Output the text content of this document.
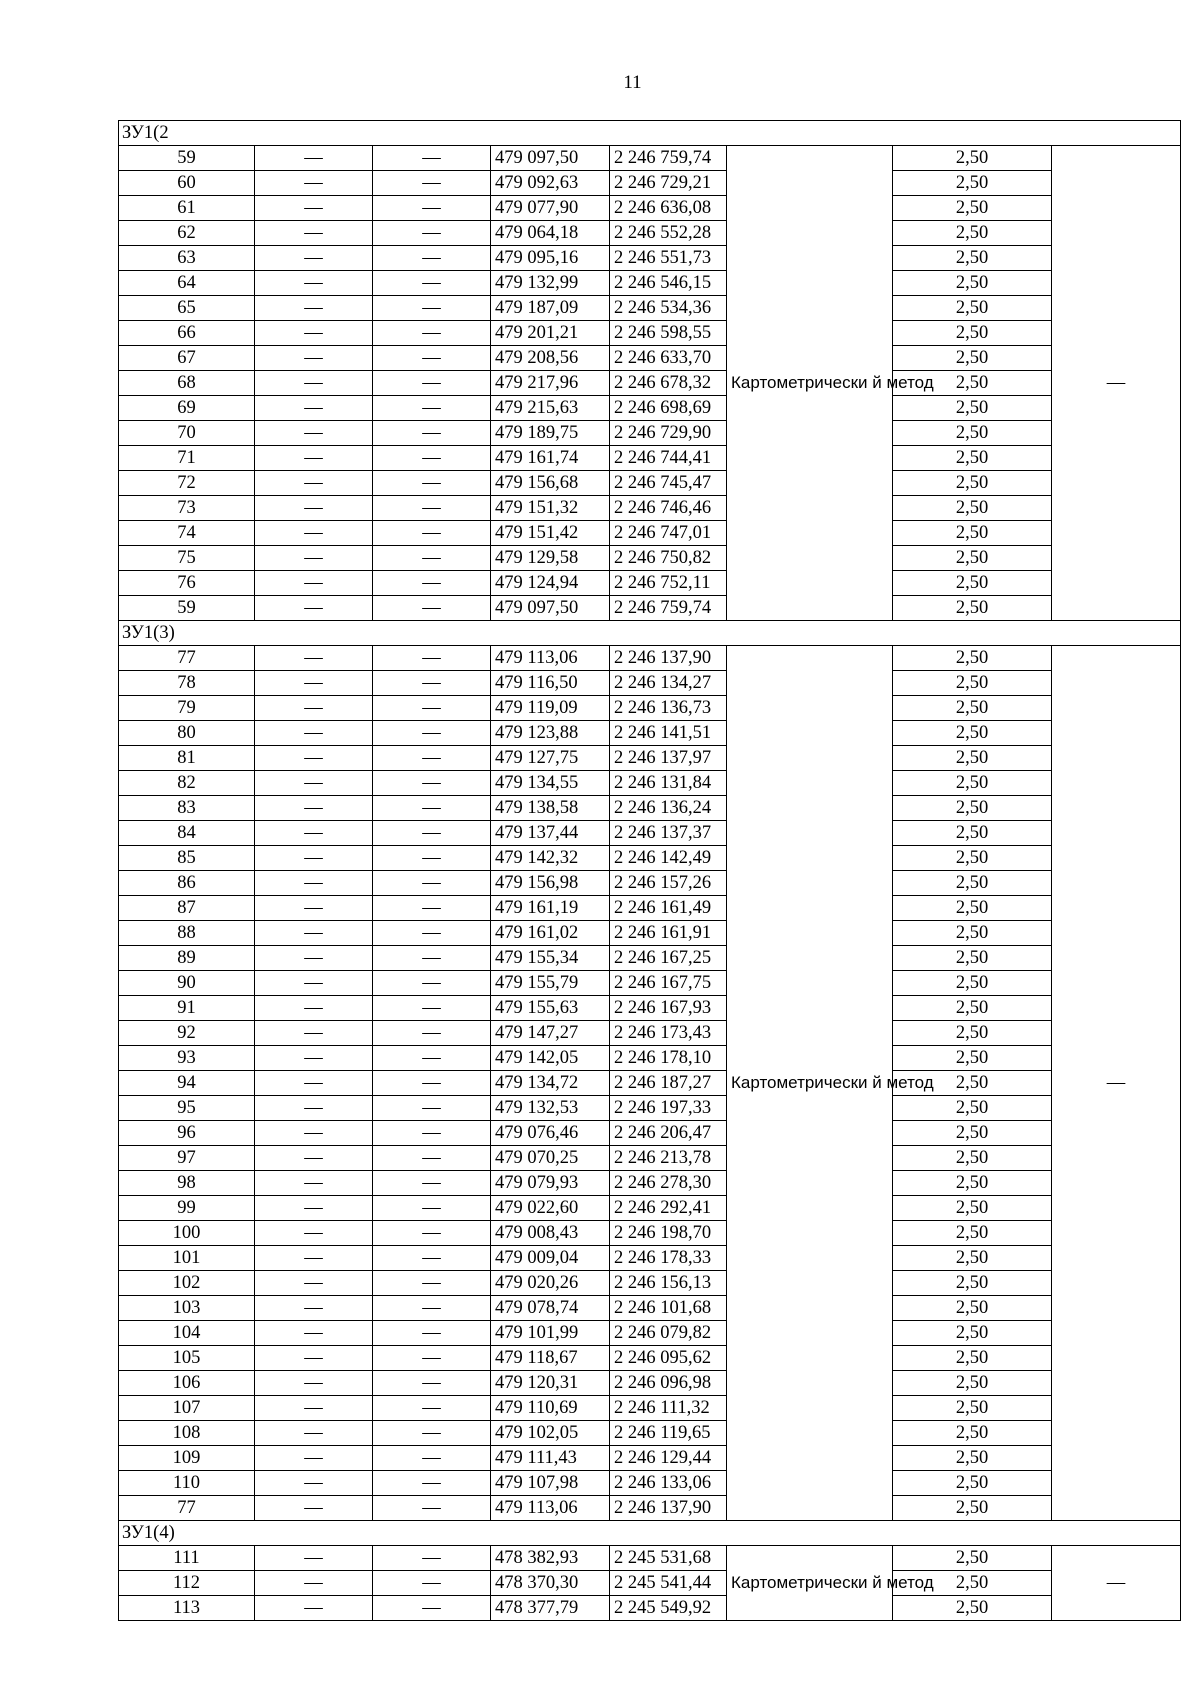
11
ЗУ1(2							
59	—	—	479 097,50	2 246 759,74	Картометрически й метод	2,50	—
60	—	—	479 092,63	2 246 729,21		2,50	
61	—	—	479 077,90	2 246 636,08		2,50	
62	—	—	479 064,18	2 246 552,28		2,50	
63	—	—	479 095,16	2 246 551,73		2,50	
64	—	—	479 132,99	2 246 546,15		2,50	
65	—	—	479 187,09	2 246 534,36		2,50	
66	—	—	479 201,21	2 246 598,55		2,50	
67	—	—	479 208,56	2 246 633,70		2,50	
68	—	—	479 217,96	2 246 678,32		2,50	
69	—	—	479 215,63	2 246 698,69		2,50	
70	—	—	479 189,75	2 246 729,90		2,50	
71	—	—	479 161,74	2 246 744,41		2,50	
72	—	—	479 156,68	2 246 745,47		2,50	
73	—	—	479 151,32	2 246 746,46		2,50	
74	—	—	479 151,42	2 246 747,01		2,50	
75	—	—	479 129,58	2 246 750,82		2,50	
76	—	—	479 124,94	2 246 752,11		2,50	
59	—	—	479 097,50	2 246 759,74		2,50	
ЗУ1(3)							
77	—	—	479 113,06	2 246 137,90	Картометрически й метод	2,50	—
78	—	—	479 116,50	2 246 134,27		2,50	
79	—	—	479 119,09	2 246 136,73		2,50	
80	—	—	479 123,88	2 246 141,51		2,50	
81	—	—	479 127,75	2 246 137,97		2,50	
82	—	—	479 134,55	2 246 131,84		2,50	
83	—	—	479 138,58	2 246 136,24		2,50	
84	—	—	479 137,44	2 246 137,37		2,50	
85	—	—	479 142,32	2 246 142,49		2,50	
86	—	—	479 156,98	2 246 157,26		2,50	
87	—	—	479 161,19	2 246 161,49		2,50	
88	—	—	479 161,02	2 246 161,91		2,50	
89	—	—	479 155,34	2 246 167,25		2,50	
90	—	—	479 155,79	2 246 167,75		2,50	
91	—	—	479 155,63	2 246 167,93		2,50	
92	—	—	479 147,27	2 246 173,43		2,50	
93	—	—	479 142,05	2 246 178,10		2,50	
94	—	—	479 134,72	2 246 187,27		2,50	
95	—	—	479 132,53	2 246 197,33		2,50	
96	—	—	479 076,46	2 246 206,47		2,50	
97	—	—	479 070,25	2 246 213,78		2,50	
98	—	—	479 079,93	2 246 278,30		2,50	
99	—	—	479 022,60	2 246 292,41		2,50	
100	—	—	479 008,43	2 246 198,70		2,50	
101	—	—	479 009,04	2 246 178,33		2,50	
102	—	—	479 020,26	2 246 156,13		2,50	
103	—	—	479 078,74	2 246 101,68		2,50	
104	—	—	479 101,99	2 246 079,82		2,50	
105	—	—	479 118,67	2 246 095,62		2,50	
106	—	—	479 120,31	2 246 096,98		2,50	
107	—	—	479 110,69	2 246 111,32		2,50	
108	—	—	479 102,05	2 246 119,65		2,50	
109	—	—	479 111,43	2 246 129,44		2,50	
110	—	—	479 107,98	2 246 133,06		2,50	
77	—	—	479 113,06	2 246 137,90		2,50	
ЗУ1(4)							
111	—	—	478 382,93	2 245 531,68	Картометрически й метод	2,50	—
112	—	—	478 370,30	2 245 541,44		2,50	
113	—	—	478 377,79	2 245 549,92		2,50	
